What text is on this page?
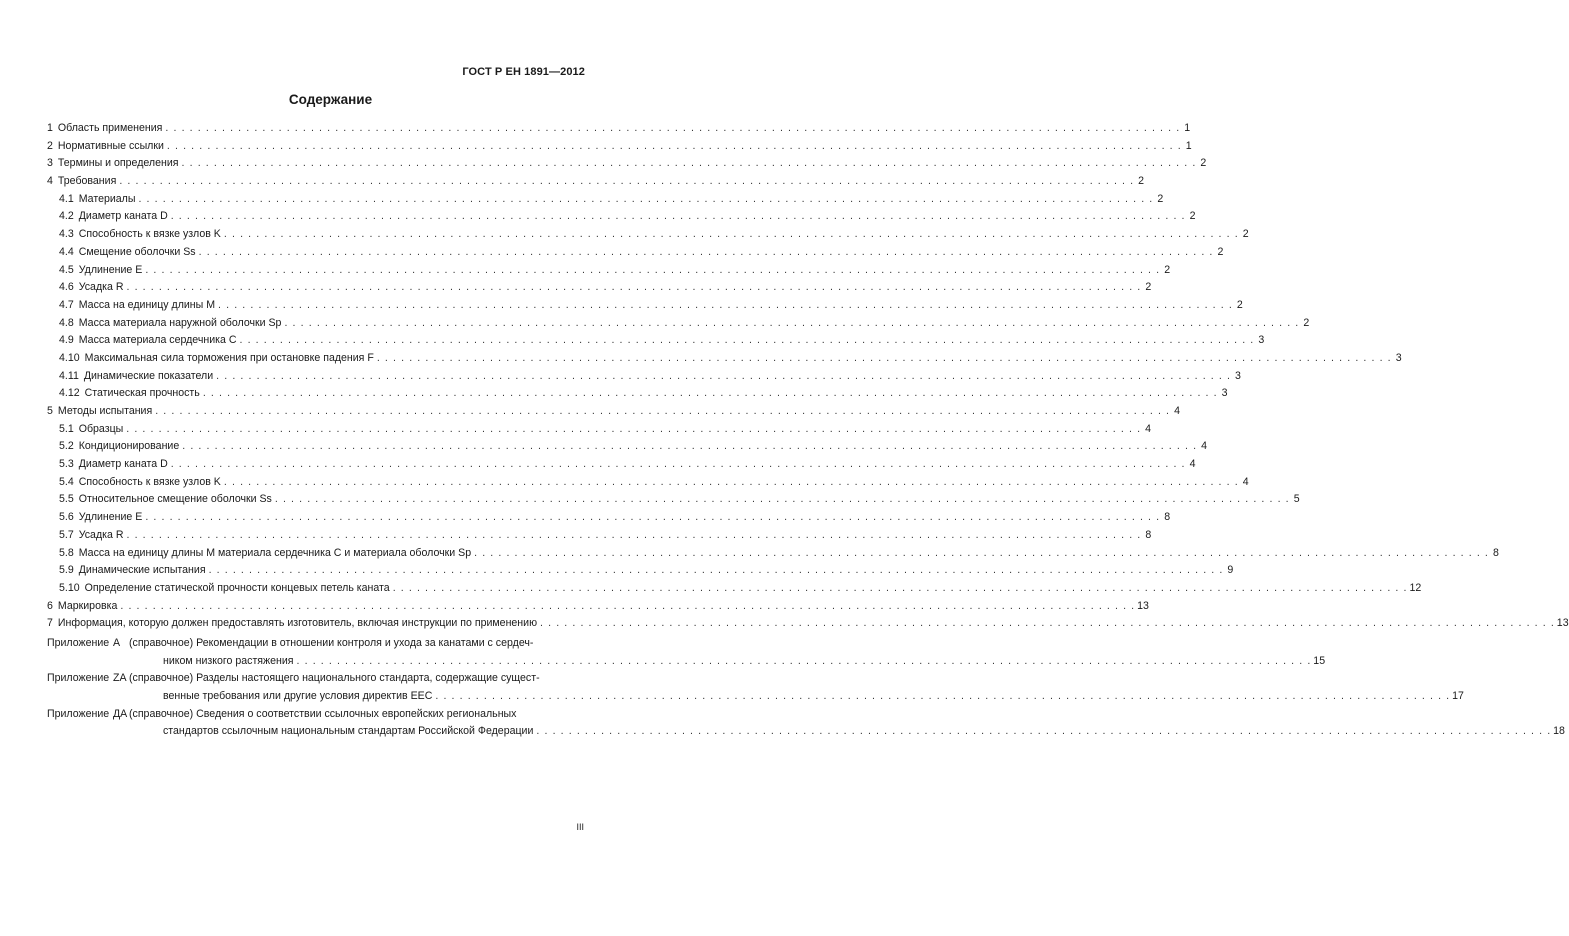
ГОСТ Р ЕН 1891—2012
Содержание
1 Область применения . . .	1
2 Нормативные ссылки . . .	1
3 Термины и определения . . .	2
4 Требования . . .	2
4.1 Материалы . . .	2
4.2 Диаметр каната D . . .	2
4.3 Способность к вязке узлов K . . .	2
4.4 Смещение оболочки Ss . . .	2
4.5 Удлинение E . . .	2
4.6 Усадка R . . .	2
4.7 Масса на единицу длины M . . .	2
4.8 Масса материала наружной оболочки Sp . . .	2
4.9 Масса материала сердечника C . . .	3
4.10 Максимальная сила торможения при остановке падения F . . .	3
4.11 Динамические показатели . . .	3
4.12 Статическая прочность . . .	3
5 Методы испытания . . .	4
5.1 Образцы . . .	4
5.2 Кондиционирование . . .	4
5.3 Диаметр каната D . . .	4
5.4 Способность к вязке узлов K . . .	4
5.5 Относительное смещение оболочки Ss . . .	5
5.6 Удлинение E . . .	8
5.7 Усадка R . . .	8
5.8 Масса на единицу длины M материала сердечника C и материала оболочки Sp . . .	8
5.9 Динамические испытания . . .	9
5.10 Определение статической прочности концевых петель каната . . .	12
6 Маркировка . . .	13
7 Информация, которую должен предоставлять изготовитель, включая инструкции по применению . . .	13
Приложение А (справочное) Рекомендации в отношении контроля и ухода за канатами с сердеч-
ником низкого растяжения . . .	15
Приложение ZA (справочное) Разделы настоящего национального стандарта, содержащие сущест-
венные требования или другие условия директив ЕЕС . . .	17
Приложение ДА (справочное) Сведения о соответствии ссылочных европейских региональных
стандартов ссылочным национальным стандартам Российской Федерации . . .	18
III
